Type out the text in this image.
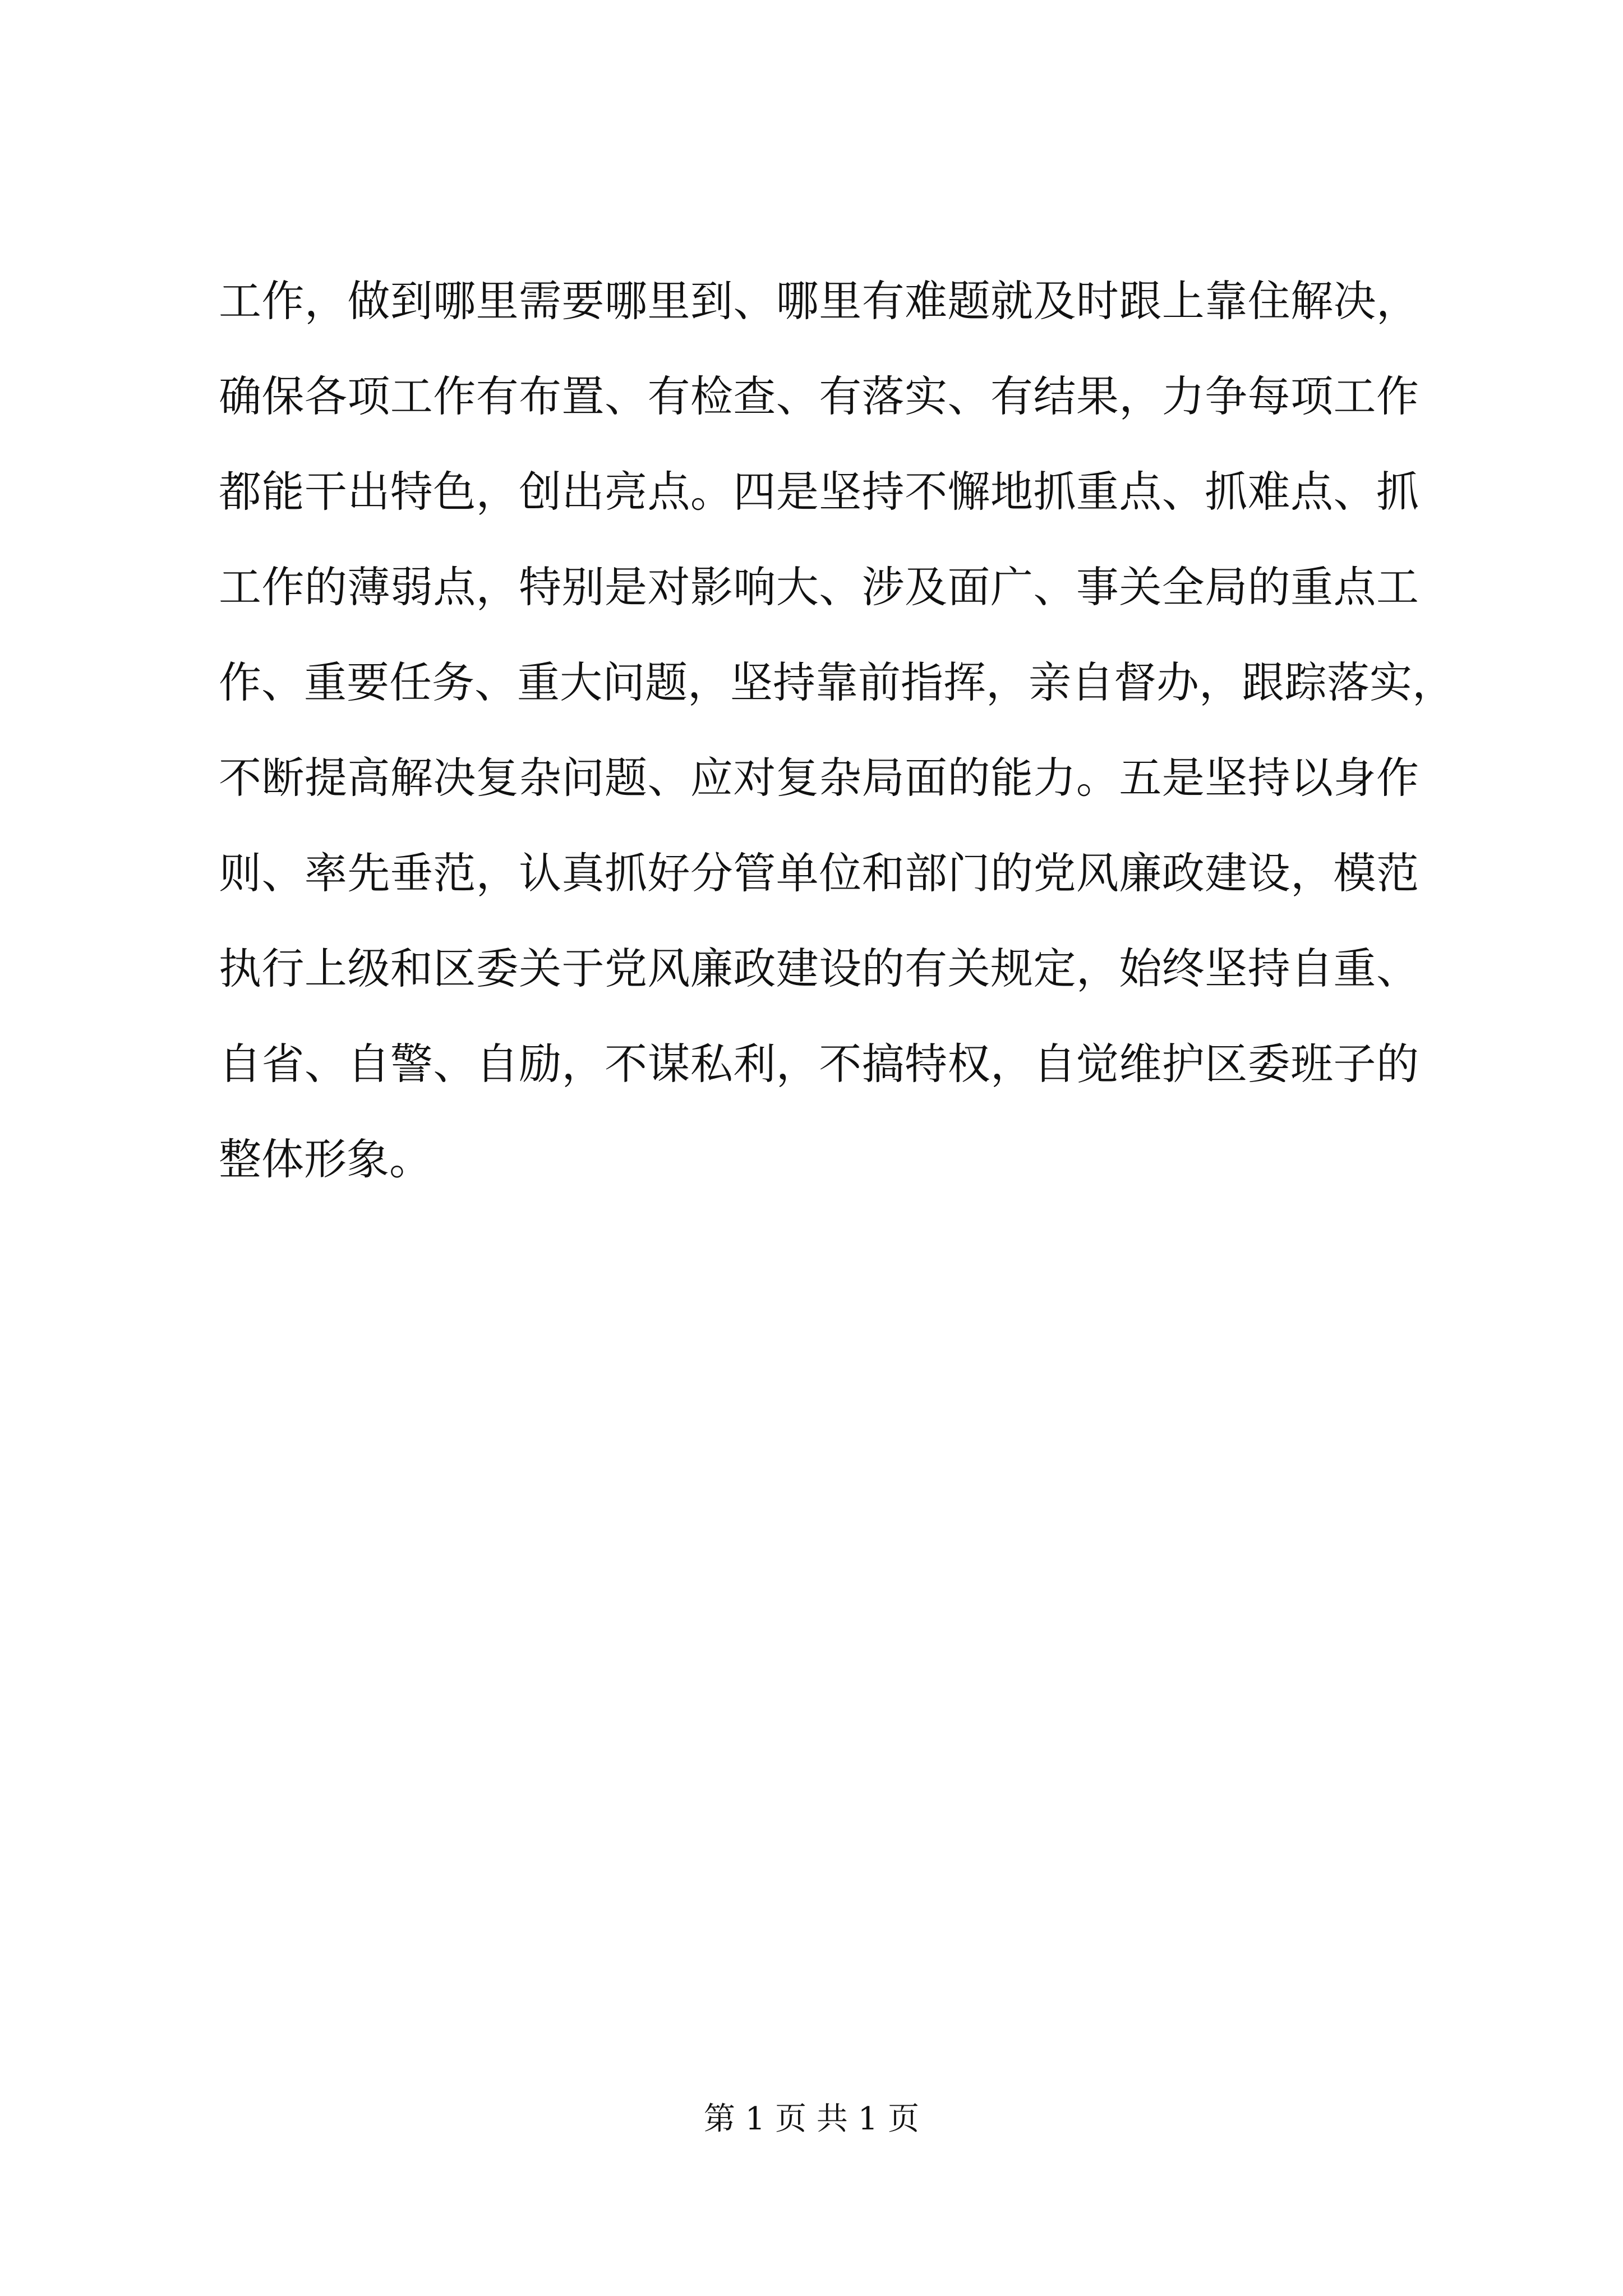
工作，做到哪里需要哪里到、哪里有难题就及时跟上靠住解决，
确保各项工作有布置、有检查、有落实、有结果，力争每项工作
都能干出特色，创出亮点。四是坚持不懈地抓重点、抓难点、抓
工作的薄弱点，特别是对影响大、涉及面广、事关全局的重点工
作、重要任务、重大问题，坚持靠前指挥，亲自督办，跟踪落实，
不断提高解决复杂问题、应对复杂局面的能力。五是坚持以身作
则、率先垂范，认真抓好分管单位和部门的党风廉政建设，模范
执行上级和区委关于党风廉政建设的有关规定，始终坚持自重、
自省、自警、自励，不谋私利，不搞特权，自觉维护区委班子的
整体形象。
第 1 页 共 1 页
